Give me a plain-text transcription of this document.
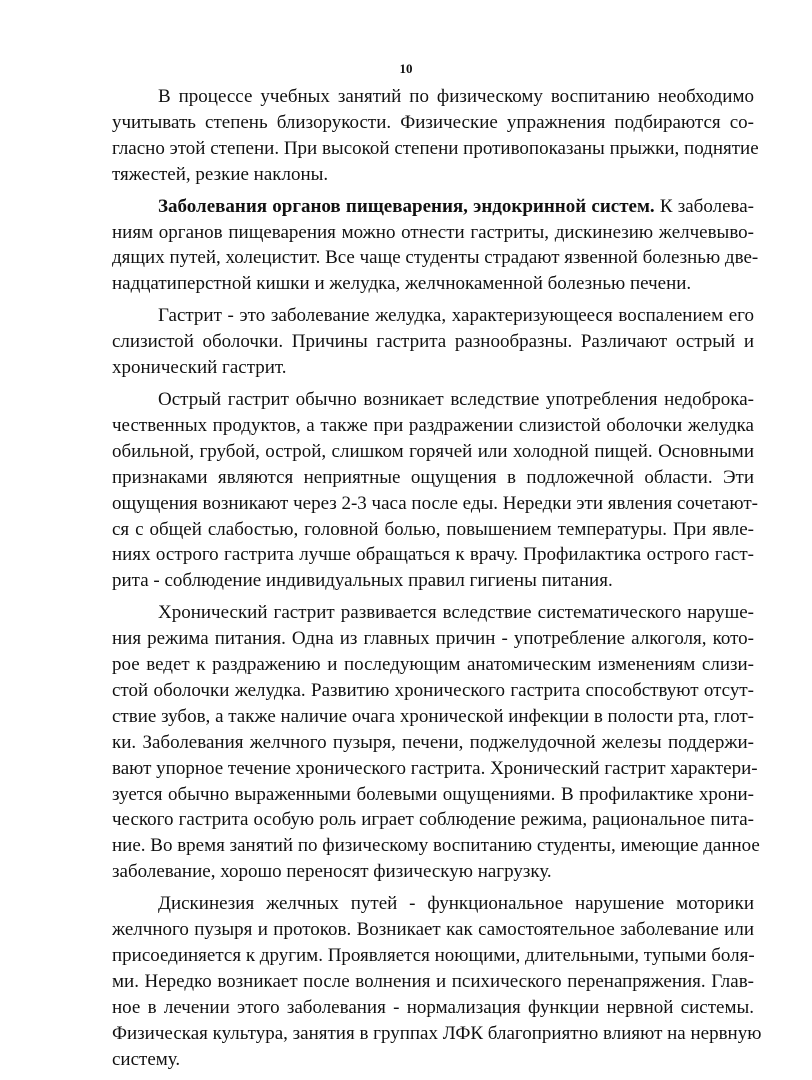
10

В процессе учебных занятий по физическому воспитанию необходимо
учитывать степень близорукости. Физические упражнения подбираются со-
гласно этой степени. При высокой степени противопоказаны прыжки, поднятие
тяжестей, резкие наклоны.

Заболевания органов пищеварения, эндокринной систем. К заболева-
ниям органов пищеварения можно отнести гастриты, дискинезию желчевыво-
дящих путей, холецистит. Все чаще студенты страдают язвенной болезнью две-
надцатиперстной кишки и желудка, желчнокаменной болезнью печени.

Гастрит - это заболевание желудка, характеризующееся воспалением его
слизистой оболочки. Причины гастрита разнообразны. Различают острый и
хронический гастрит.

Острый гастрит обычно возникает вследствие употребления недоброка-
чественных продуктов, а также при раздражении слизистой оболочки желудка
обильной, грубой, острой, слишком горячей или холодной пищей. Основными
признаками являются неприятные ощущения в подложечной области. Эти
ощущения возникают через 2-3 часа после еды. Нередки эти явления сочетают-
ся с общей слабостью, головной болью, повышением температуры. При явле-
ниях острого гастрита лучше обращаться к врачу. Профилактика острого гаст-
рита - соблюдение индивидуальных правил гигиены питания.

Хронический гастрит развивается вследствие систематического наруше-
ния режима питания. Одна из главных причин - употребление алкоголя, кото-
рое ведет к раздражению и последующим анатомическим изменениям слизи-
стой оболочки желудка. Развитию хронического гастрита способствуют отсут-
ствие зубов, а также наличие очага хронической инфекции в полости рта, глот-
ки. Заболевания желчного пузыря, печени, поджелудочной железы поддержи-
вают упорное течение хронического гастрита. Хронический гастрит характери-
зуется обычно выраженными болевыми ощущениями. В профилактике хрони-
ческого гастрита особую роль играет соблюдение режима, рациональное пита-
ние. Во время занятий по физическому воспитанию студенты, имеющие данное
заболевание, хорошо переносят физическую нагрузку.

Дискинезия желчных путей - функциональное нарушение моторики
желчного пузыря и протоков. Возникает как самостоятельное заболевание или
присоединяется к другим. Проявляется ноющими, длительными, тупыми боля-
ми. Нередко возникает после волнения и психического перенапряжения. Глав-
ное в лечении этого заболевания - нормализация функции нервной системы.
Физическая культура, занятия в группах ЛФК благоприятно влияют на нервную
систему.
